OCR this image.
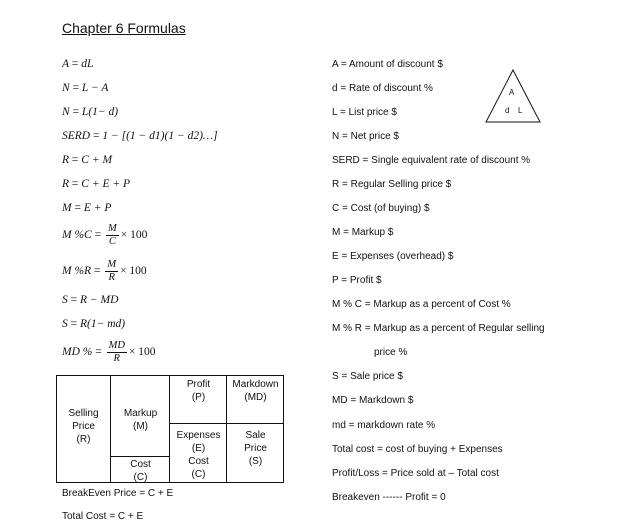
Chapter 6 Formulas
A = dL
N = L − A
N = L(1− d)
SERD = 1 − [(1 − d1)(1 − d2)…]
R = C + M
R = C + E + P
M = E + P
M $\%C = \frac{M}{C} \times 100$
M $\%R = \frac{M}{R} \times 100$
S = R − MD
S = R(1− md)
MD % = $\frac{MD}{R} \times 100$
A = Amount of discount $
d = Rate of discount %
L = List price $
N = Net price $
SERD = Single equivalent rate of discount %
R = Regular Selling price $
C = Cost (of buying) $
M = Markup $
E = Expenses (overhead) $
P = Profit $
M % C = Markup as a percent of Cost %
M % R = Markup as a percent of Regular selling
price %
S = Sale price $
MD = Markdown $
md = markdown rate %
Total cost = cost of buying + Expenses
Profit/Loss = Price sold at – Total cost
Breakeven ------ Profit = 0
A
d L
Selling
Price
(R)
Markup
(M)
Cost
(C)
Profit
(P)
Expenses
(E)
Cost
(C)
Markdown
(MD)
Sale
Price
(S)
BreakEven Price = C + E
Total Cost = C + E
